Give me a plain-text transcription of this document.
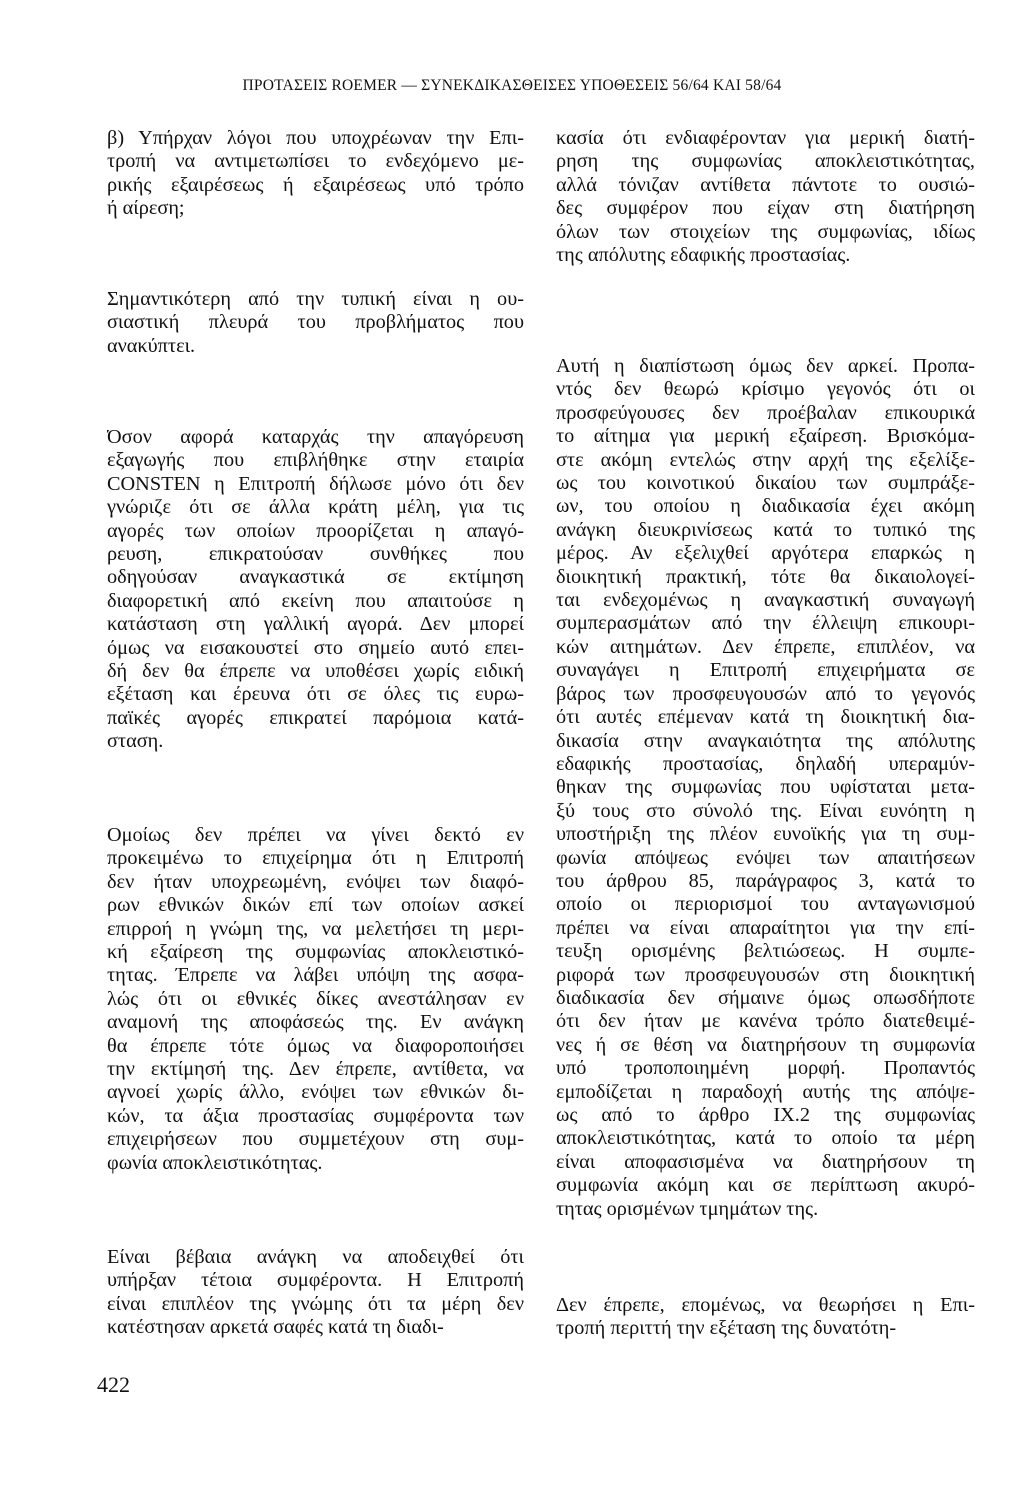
ΠΡΟΤΑΣΕΙΣ ROEMER — ΣΥΝΕΚΔΙΚΑΣΘΕΙΣΕΣ ΥΠΟΘΕΣΕΙΣ 56/64 ΚΑΙ 58/64
β) Υπήρχαν λόγοι που υποχρέωναν την Επι-
τροπή να αντιμετωπίσει το ενδεχόμενο με-
ρικής εξαιρέσεως ή εξαιρέσεως υπό τρόπο
ή αίρεση;
Σημαντικότερη από την τυπική είναι η ου-
σιαστική πλευρά του προβλήματος που
ανακύπτει.
Όσον αφορά καταρχάς την απαγόρευση
εξαγωγής που επιβλήθηκε στην εταιρία
CONSTEN η Επιτροπή δήλωσε μόνο ότι δεν
γνώριζε ότι σε άλλα κράτη μέλη, για τις
αγορές των οποίων προορίζεται η απαγό-
ρευση, επικρατούσαν συνθήκες που
οδηγούσαν αναγκαστικά σε εκτίμηση
διαφορετική από εκείνη που απαιτούσε η
κατάσταση στη γαλλική αγορά. Δεν μπορεί
όμως να εισακουστεί στο σημείο αυτό επει-
δή δεν θα έπρεπε να υποθέσει χωρίς ειδική
εξέταση και έρευνα ότι σε όλες τις ευρω-
παϊκές αγορές επικρατεί παρόμοια κατά-
σταση.
Ομοίως δεν πρέπει να γίνει δεκτό εν
προκειμένω το επιχείρημα ότι η Επιτροπή
δεν ήταν υποχρεωμένη, ενόψει των διαφό-
ρων εθνικών δικών επί των οποίων ασκεί
επιρροή η γνώμη της, να μελετήσει τη μερι-
κή εξαίρεση της συμφωνίας αποκλειστικό-
τητας. Έπρεπε να λάβει υπόψη της ασφα-
λώς ότι οι εθνικές δίκες ανεστάλησαν εν
αναμονή της αποφάσεώς της. Εν ανάγκη
θα έπρεπε τότε όμως να διαφοροποιήσει
την εκτίμησή της. Δεν έπρεπε, αντίθετα, να
αγνοεί χωρίς άλλο, ενόψει των εθνικών δι-
κών, τα άξια προστασίας συμφέροντα των
επιχειρήσεων που συμμετέχουν στη συμ-
φωνία αποκλειστικότητας.
Είναι βέβαια ανάγκη να αποδειχθεί ότι
υπήρξαν τέτοια συμφέροντα. Η Επιτροπή
είναι επιπλέον της γνώμης ότι τα μέρη δεν
κατέστησαν αρκετά σαφές κατά τη διαδι-
κασία ότι ενδιαφέρονταν για μερική διατή-
ρηση της συμφωνίας αποκλειστικότητας,
αλλά τόνιζαν αντίθετα πάντοτε το ουσιώ-
δες συμφέρον που είχαν στη διατήρηση
όλων των στοιχείων της συμφωνίας, ιδίως
της απόλυτης εδαφικής προστασίας.
Αυτή η διαπίστωση όμως δεν αρκεί. Προπα-
ντός δεν θεωρώ κρίσιμο γεγονός ότι οι
προσφεύγουσες δεν προέβαλαν επικουρικά
το αίτημα για μερική εξαίρεση. Βρισκόμα-
στε ακόμη εντελώς στην αρχή της εξελίξε-
ως του κοινοτικού δικαίου των συμπράξε-
ων, του οποίου η διαδικασία έχει ακόμη
ανάγκη διευκρινίσεως κατά το τυπικό της
μέρος. Αν εξελιχθεί αργότερα επαρκώς η
διοικητική πρακτική, τότε θα δικαιολογεί-
ται ενδεχομένως η αναγκαστική συναγωγή
συμπερασμάτων από την έλλειψη επικουρι-
κών αιτημάτων. Δεν έπρεπε, επιπλέον, να
συναγάγει η Επιτροπή επιχειρήματα σε
βάρος των προσφευγουσών από το γεγονός
ότι αυτές επέμεναν κατά τη διοικητική δια-
δικασία στην αναγκαιότητα της απόλυτης
εδαφικής προστασίας, δηλαδή υπεραμύν-
θηκαν της συμφωνίας που υφίσταται μετα-
ξύ τους στο σύνολό της. Είναι ευνόητη η
υποστήριξη της πλέον ευνοϊκής για τη συμ-
φωνία απόψεως ενόψει των απαιτήσεων
του άρθρου 85, παράγραφος 3, κατά το
οποίο οι περιορισμοί του ανταγωνισμού
πρέπει να είναι απαραίτητοι για την επί-
τευξη ορισμένης βελτιώσεως. Η συμπε-
ριφορά των προσφευγουσών στη διοικητική
διαδικασία δεν σήμαινε όμως οπωσδήποτε
ότι δεν ήταν με κανένα τρόπο διατεθειμέ-
νες ή σε θέση να διατηρήσουν τη συμφωνία
υπό τροποποιημένη μορφή. Προπαντός
εμποδίζεται η παραδοχή αυτής της απόψε-
ως από το άρθρο IX.2 της συμφωνίας
αποκλειστικότητας, κατά το οποίο τα μέρη
είναι αποφασισμένα να διατηρήσουν τη
συμφωνία ακόμη και σε περίπτωση ακυρό-
τητας ορισμένων τμημάτων της.
Δεν έπρεπε, επομένως, να θεωρήσει η Επι-
τροπή περιττή την εξέταση της δυνατότη-
422
